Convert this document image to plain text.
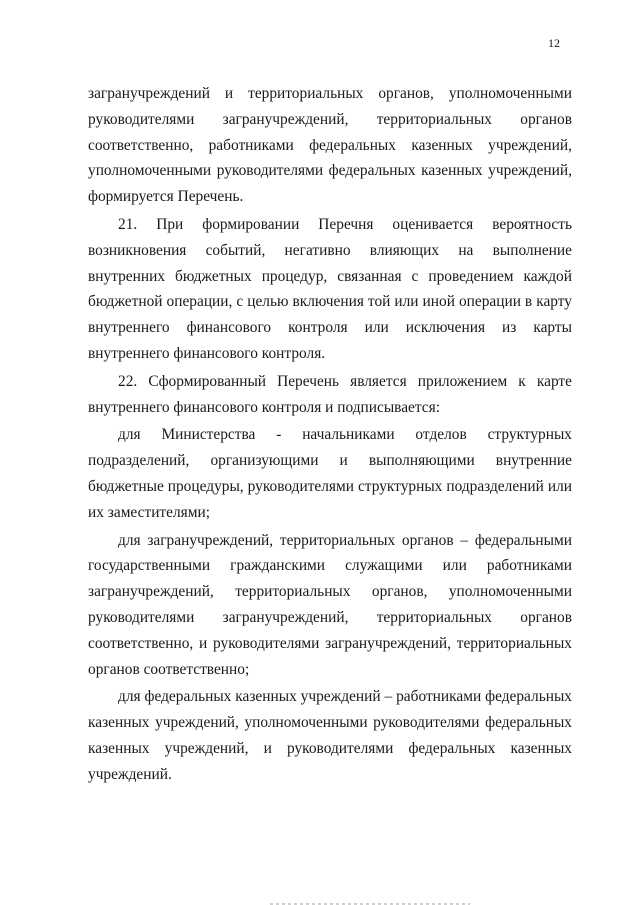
12

загранучреждений и территориальных органов, уполномоченными руководителями загранучреждений, территориальных органов соответственно, работниками федеральных казенных учреждений, уполномоченными руководителями федеральных казенных учреждений, формируется Перечень.

21. При формировании Перечня оценивается вероятность возникновения событий, негативно влияющих на выполнение внутренних бюджетных процедур, связанная с проведением каждой бюджетной операции, с целью включения той или иной операции в карту внутреннего финансового контроля или исключения из карты внутреннего финансового контроля.

22. Сформированный Перечень является приложением к карте внутреннего финансового контроля и подписывается:

для Министерства - начальниками отделов структурных подразделений, организующими и выполняющими внутренние бюджетные процедуры, руководителями структурных подразделений или их заместителями;

для загранучреждений, территориальных органов – федеральными государственными гражданскими служащими или работниками загранучреждений, территориальных органов, уполномоченными руководителями загранучреждений, территориальных органов соответственно, и руководителями загранучреждений, территориальных органов соответственно;

для федеральных казенных учреждений – работниками федеральных казенных учреждений, уполномоченными руководителями федеральных казенных учреждений, и руководителями федеральных казенных учреждений.
